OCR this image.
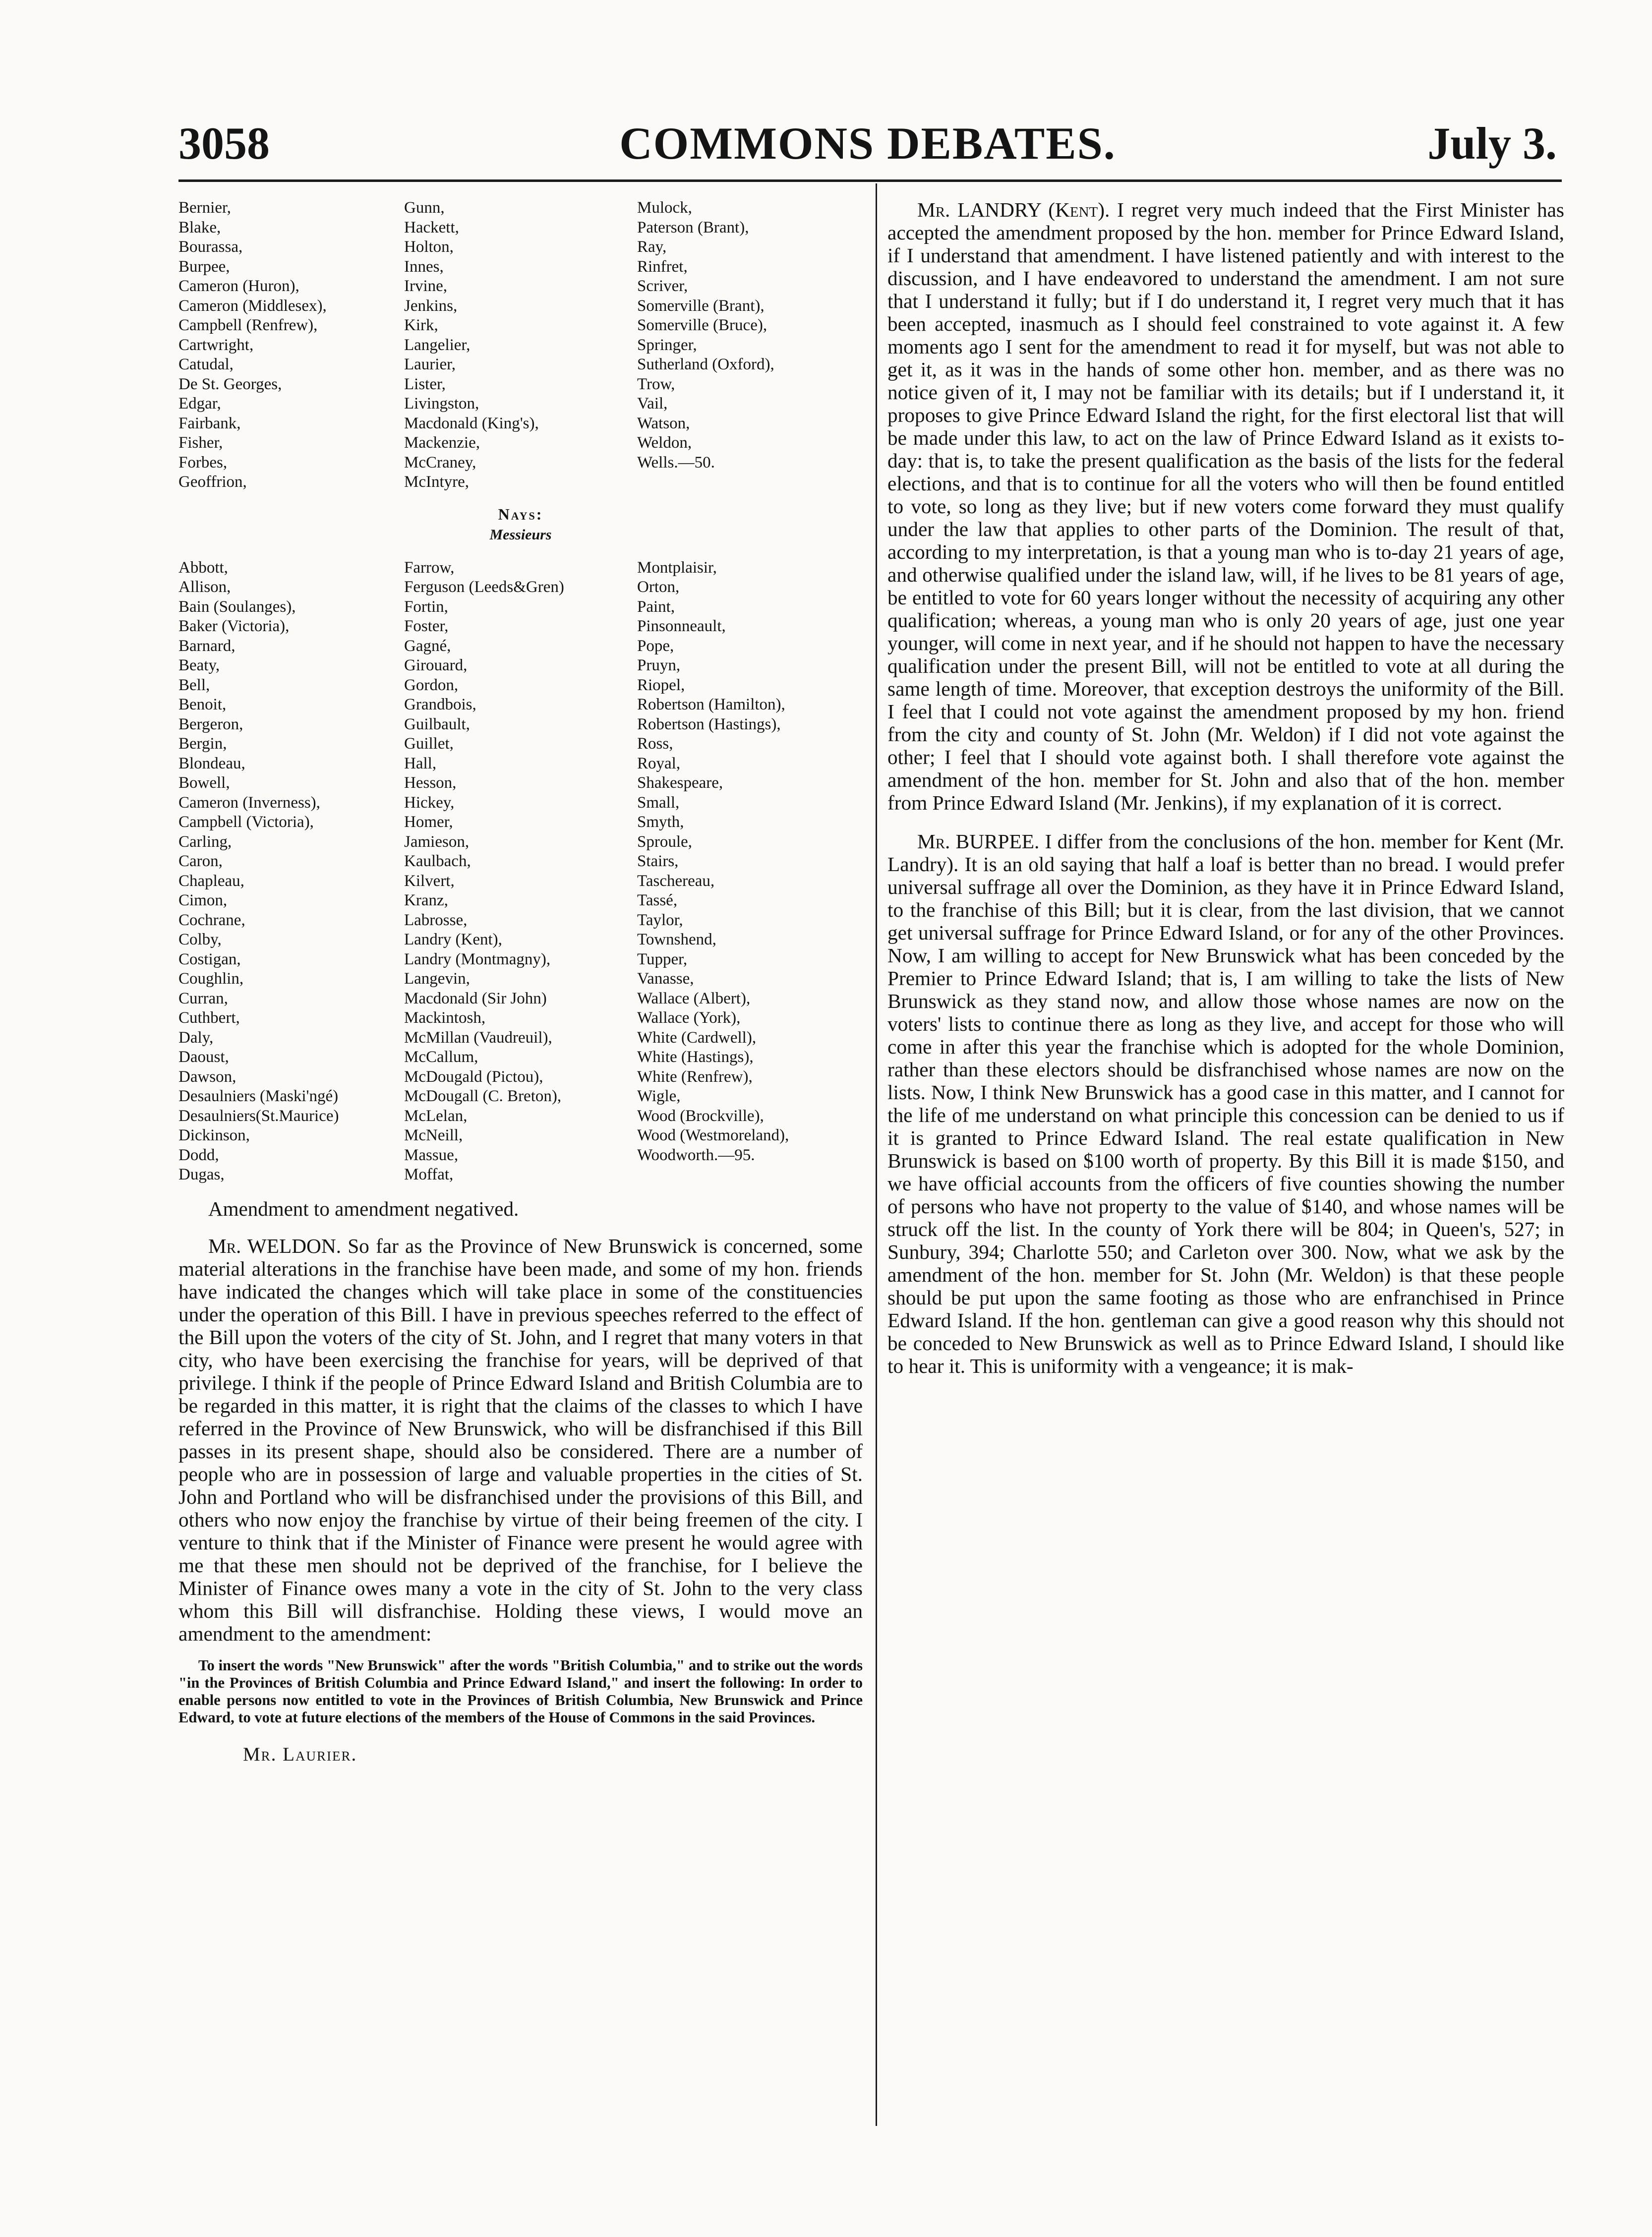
3058	COMMONS DEBATES.	July 3.
Bernier,
Blake,
Bourassa,
Burpee,
Cameron (Huron),
Cameron (Middlesex),
Campbell (Renfrew),
Cartwright,
Catudal,
De St. Georges,
Edgar,
Fairbank,
Fisher,
Forbes,
Geoffrion,
Gunn,
Hackett,
Holton,
Innes,
Irvine,
Jenkins,
Kirk,
Langelier,
Laurier,
Lister,
Livingston,
Macdonald (King's),
Mackenzie,
McCraney,
McIntyre,
Mulock,
Paterson (Brant),
Ray,
Rinfret,
Scriver,
Somerville (Brant),
Somerville (Bruce),
Springer,
Sutherland (Oxford),
Trow,
Vail,
Watson,
Weldon,
Wells.—50.
Nays:
Messieurs
Abbott,
Allison,
Bain (Soulanges),
Baker (Victoria),
Barnard,
Beaty,
Bell,
Benoit,
Bergeron,
Bergin,
Blondeau,
Bowell,
Cameron (Inverness),
Campbell (Victoria),
Carling,
Caron,
Chapleau,
Cimon,
Cochrane,
Colby,
Costigan,
Coughlin,
Curran,
Cuthbert,
Daly,
Daoust,
Dawson,
Desaulniers (Maski'ngé)
Desaulniers(St.Maurice)
Dickinson,
Dodd,
Dugas,
Farrow,
Ferguson (Leeds&Gren)
Fortin,
Foster,
Gagné,
Girouard,
Gordon,
Grandbois,
Guilbault,
Guillet,
Hall,
Hesson,
Hickey,
Homer,
Jamieson,
Kaulbach,
Kilvert,
Kranz,
Labrosse,
Landry (Kent),
Landry (Montmagny),
Langevin,
Macdonald (Sir John)
Mackintosh,
McMillan (Vaudreuil),
McCallum,
McDougald (Pictou),
McDougall (C. Breton),
McLelan,
McNeill,
Massue,
Moffat,
Montplaisir,
Orton,
Paint,
Pinsonneault,
Pope,
Pruyn,
Riopel,
Robertson (Hamilton),
Robertson (Hastings),
Ross,
Royal,
Shakespeare,
Small,
Smyth,
Sproule,
Stairs,
Taschereau,
Tassé,
Taylor,
Townshend,
Tupper,
Vanasse,
Wallace (Albert),
Wallace (York),
White (Cardwell),
White (Hastings),
White (Renfrew),
Wigle,
Wood (Brockville),
Wood (Westmoreland),
Woodworth.—95.
Amendment to amendment negatived.

Mr. WELDON. So far as the Province of New Brunswick is concerned, some material alterations in the franchise have been made, and some of my hon. friends have indicated the changes which will take place in some of the constituencies under the operation of this Bill. I have in previous speeches referred to the effect of the Bill upon the voters of the city of St. John, and I regret that many voters in that city, who have been exercising the franchise for years, will be deprived of that privilege. I think if the people of Prince Edward Island and British Columbia are to be regarded in this matter, it is right that the claims of the classes to which I have referred in the Province of New Brunswick, who will be disfranchised if this Bill passes in its present shape, should also be considered. There are a number of people who are in possession of large and valuable properties in the cities of St. John and Portland who will be disfranchised under the provisions of this Bill, and others who now enjoy the franchise by virtue of their being freemen of the city. I venture to think that if the Minister of Finance were present he would agree with me that these men should not be deprived of the franchise, for I believe the Minister of Finance owes many a vote in the city of St. John to the very class whom this Bill will disfranchise. Holding these views, I would move an amendment to the amendment:

To insert the words "New Brunswick" after the words "British Columbia," and to strike out the words "in the Provinces of British Columbia and Prince Edward Island," and insert the following: In order to enable persons now entitled to vote in the Provinces of British Columbia, New Brunswick and Prince Edward, to vote at future elections of the members of the House of Commons in the said Provinces.

Mr. Laurier.

Mr. LANDRY (Kent). I regret very much indeed that the First Minister has accepted the amendment proposed by the hon. member for Prince Edward Island, if I understand that amendment. I have listened patiently and with interest to the discussion, and I have endeavored to understand the amendment. I am not sure that I understand it fully; but if I do understand it, I regret very much that it has been accepted, inasmuch as I should feel constrained to vote against it. A few moments ago I sent for the amendment to read it for myself, but was not able to get it, as it was in the hands of some other hon. member, and as there was no notice given of it, I may not be familiar with its details; but if I understand it, it proposes to give Prince Edward Island the right, for the first electoral list that will be made under this law, to act on the law of Prince Edward Island as it exists to-day: that is, to take the present qualification as the basis of the lists for the federal elections, and that is to continue for all the voters who will then be found entitled to vote, so long as they live; but if new voters come forward they must qualify under the law that applies to other parts of the Dominion. The result of that, according to my interpretation, is that a young man who is to-day 21 years of age, and otherwise qualified under the island law, will, if he lives to be 81 years of age, be entitled to vote for 60 years longer without the necessity of acquiring any other qualification; whereas, a young man who is only 20 years of age, just one year younger, will come in next year, and if he should not happen to have the necessary qualification under the present Bill, will not be entitled to vote at all during the same length of time. Moreover, that exception destroys the uniformity of the Bill. I feel that I could not vote against the amendment proposed by my hon. friend from the city and county of St. John (Mr. Weldon) if I did not vote against the other; I feel that I should vote against both. I shall therefore vote against the amendment of the hon. member for St. John and also that of the hon. member from Prince Edward Island (Mr. Jenkins), if my explanation of it is correct.

Mr. BURPEE. I differ from the conclusions of the hon. member for Kent (Mr. Landry). It is an old saying that half a loaf is better than no bread. I would prefer universal suffrage all over the Dominion, as they have it in Prince Edward Island, to the franchise of this Bill; but it is clear, from the last division, that we cannot get universal suffrage for Prince Edward Island, or for any of the other Provinces. Now, I am willing to accept for New Brunswick what has been conceded by the Premier to Prince Edward Island; that is, I am willing to take the lists of New Brunswick as they stand now, and allow those whose names are now on the voters' lists to continue there as long as they live, and accept for those who will come in after this year the franchise which is adopted for the whole Dominion, rather than these electors should be disfranchised whose names are now on the lists. Now, I think New Brunswick has a good case in this matter, and I cannot for the life of me understand on what principle this concession can be denied to us if it is granted to Prince Edward Island. The real estate qualification in New Brunswick is based on $100 worth of property. By this Bill it is made $150, and we have official accounts from the officers of five counties showing the number of persons who have not property to the value of $140, and whose names will be struck off the list. In the county of York there will be 804; in Queen's, 527; in Sunbury, 394; Charlotte 550; and Carleton over 300. Now, what we ask by the amendment of the hon. member for St. John (Mr. Weldon) is that these people should be put upon the same footing as those who are enfranchised in Prince Edward Island. If the hon. gentleman can give a good reason why this should not be conceded to New Brunswick as well as to Prince Edward Island, I should like to hear it. This is uniformity with a vengeance; it is mak-
